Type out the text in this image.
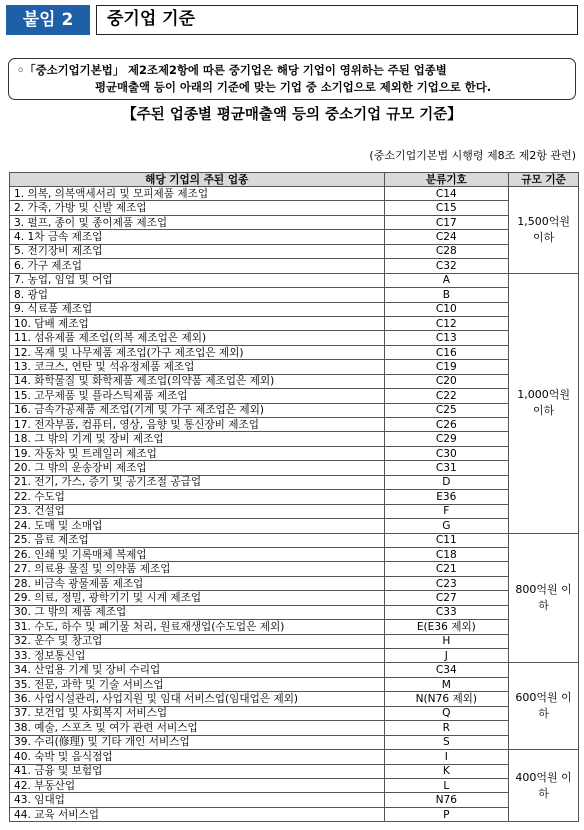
붙임 2	중기업 기준
◦「중소기업기본법」 제2조제2항에 따른 중기업은 해당 기업이 영위하는 주된 업종별
평균매출액 등이 아래의 기준에 맞는 기업 중 소기업으로 제외한 기업으로 한다.
【주된 업종별 평균매출액 등의 중소기업 규모 기준】
(중소기업기본법 시행령 제8조 제2항 관련)
해당 기업의 주된 업종	분류기호	규모 기준
1. 의복, 의복액세서리 및 모피제품 제조업	C14	1,500억원 이하
2. 가죽, 가방 및 신발 제조업	C15	
3. 펄프, 종이 및 종이제품 제조업	C17	
4. 1차 금속 제조업	C24	
5. 전기장비 제조업	C28	
6. 가구 제조업	C32	
7. 농업, 임업 및 어업	A	1,000억원 이하
8. 광업	B	
9. 식료품 제조업	C10	
10. 담배 제조업	C12	
11. 섬유제품 제조업(의복 제조업은 제외)	C13	
12. 목재 및 나무제품 제조업(가구 제조업은 제외)	C16	
13. 코크스, 연탄 및 석유정제품 제조업	C19	
14. 화학물질 및 화학제품 제조업(의약품 제조업은 제외)	C20	
15. 고무제품 및 플라스틱제품 제조업	C22	
16. 금속가공제품 제조업(기계 및 가구 제조업은 제외)	C25	
17. 전자부품, 컴퓨터, 영상, 음향 및 통신장비 제조업	C26	
18. 그 밖의 기계 및 장비 제조업	C29	
19. 자동차 및 트레일러 제조업	C30	
20. 그 밖의 운송장비 제조업	C31	
21. 전기, 가스, 증기 및 공기조절 공급업	D	
22. 수도업	E36	
23. 건설업	F	
24. 도매 및 소매업	G	
25. 음료 제조업	C11	800억원 이하
26. 인쇄 및 기록매체 복제업	C18	
27. 의료용 물질 및 의약품 제조업	C21	
28. 비금속 광물제품 제조업	C23	
29. 의료, 정밀, 광학기기 및 시계 제조업	C27	
30. 그 밖의 제품 제조업	C33	
31. 수도, 하수 및 폐기물 처리, 원료재생업(수도업은 제외)	E(E36 제외)	
32. 운수 및 창고업	H	
33. 정보통신업	J	
34. 산업용 기계 및 장비 수리업	C34	600억원 이하
35. 전문, 과학 및 기술 서비스업	M	
36. 사업시설관리, 사업지원 및 임대 서비스업(임대업은 제외)	N(N76 제외)	
37. 보건업 및 사회복지 서비스업	Q	
38. 예술, 스포츠 및 여가 관련 서비스업	R	
39. 수리(修理) 및 기타 개인 서비스업	S	
40. 숙박 및 음식점업	I	400억원 이하
41. 금융 및 보험업	K	
42. 부동산업	L	
43. 임대업	N76	
44. 교육 서비스업	P	
